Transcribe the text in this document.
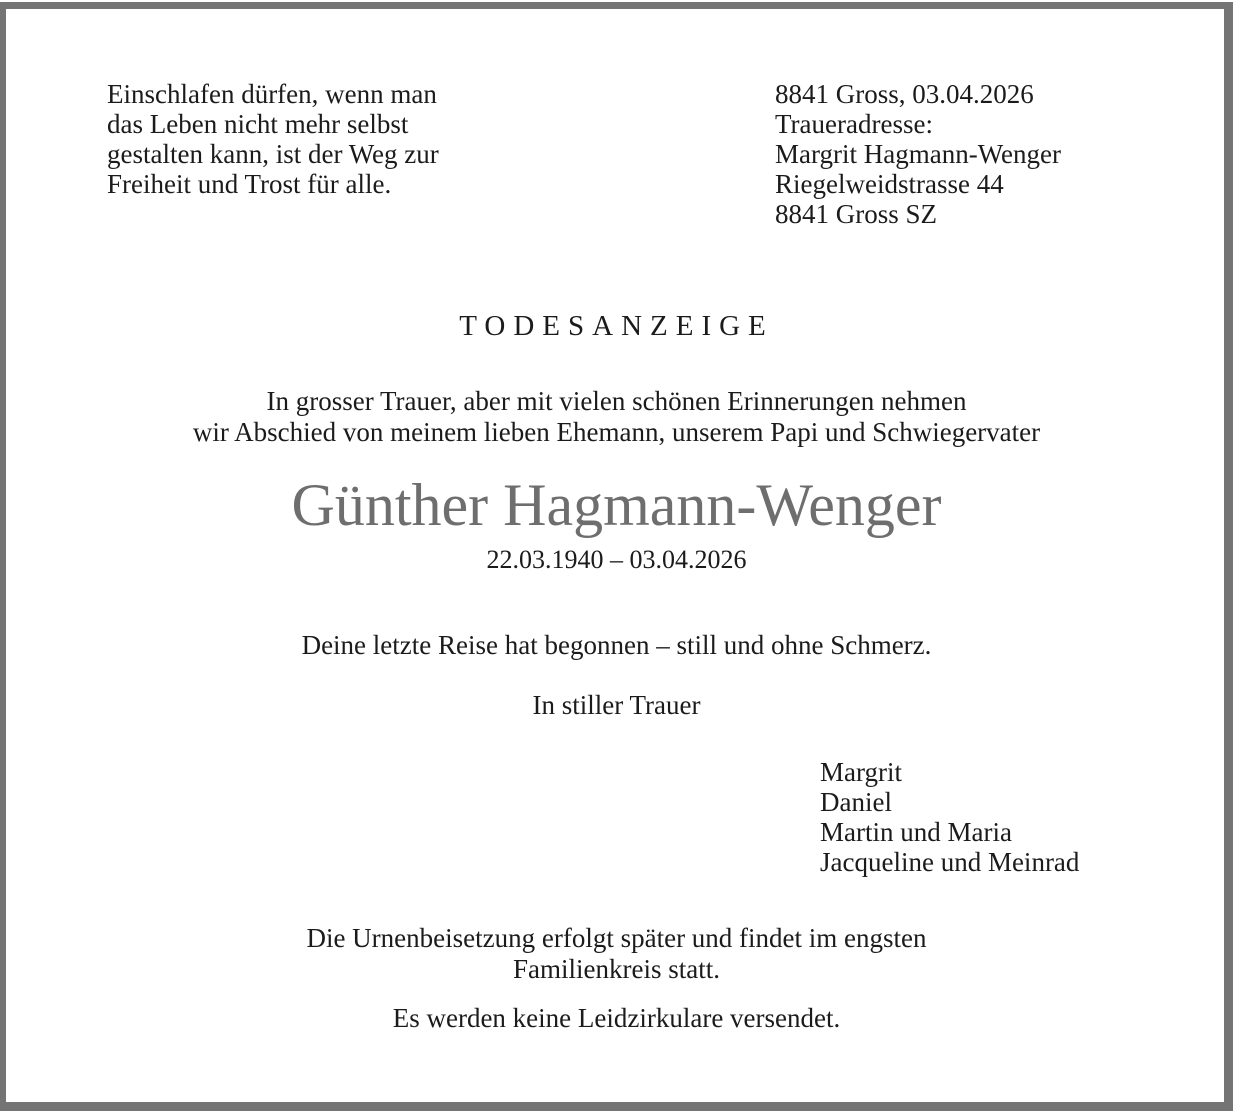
Einschlafen dürfen, wenn man
das Leben nicht mehr selbst
gestalten kann, ist der Weg zur
Freiheit und Trost für alle.
8841 Gross, 03.04.2026
Traueradresse:
Margrit Hagmann-Wenger
Riegelweidstrasse 44
8841 Gross SZ
TODESANZEIGE
In grosser Trauer, aber mit vielen schönen Erinnerungen nehmen
wir Abschied von meinem lieben Ehemann, unserem Papi und Schwiegervater
Günther Hagmann-Wenger
22.03.1940 – 03.04.2026
Deine letzte Reise hat begonnen – still und ohne Schmerz.
In stiller Trauer
Margrit
Daniel
Martin und Maria
Jacqueline und Meinrad
Die Urnenbeisetzung erfolgt später und findet im engsten
Familienkreis statt.
Es werden keine Leidzirkulare versendet.
